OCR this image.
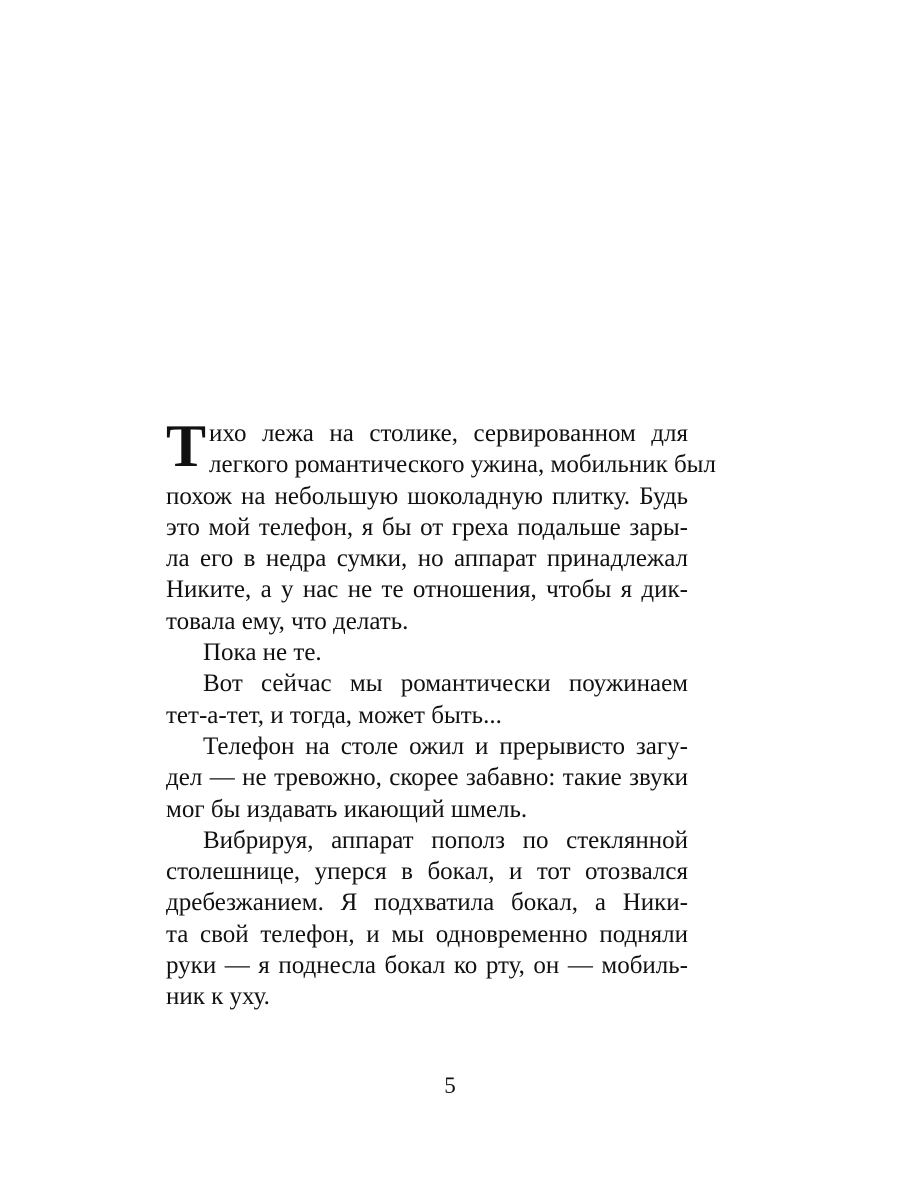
Т ихо лежа на столике, сервированном для
легкого романтического ужина, мобильник был
похож на небольшую шоколадную плитку. Будь
это мой телефон, я бы от греха подальше зары-
ла его в недра сумки, но аппарат принадлежал
Никите, а у нас не те отношения, чтобы я дик-
товала ему, что делать.
Пока не те.
Вот сейчас мы романтически поужинаем
тет-а-тет, и тогда, может быть...
Телефон на столе ожил и прерывисто загу-
дел — не тревожно, скорее забавно: такие звуки
мог бы издавать икающий шмель.
Вибрируя, аппарат пополз по стеклянной
столешнице, уперся в бокал, и тот отозвался
дребезжанием. Я подхватила бокал, а Ники-
та свой телефон, и мы одновременно подняли
руки — я поднесла бокал ко рту, он — мобиль-
ник к уху.
5
